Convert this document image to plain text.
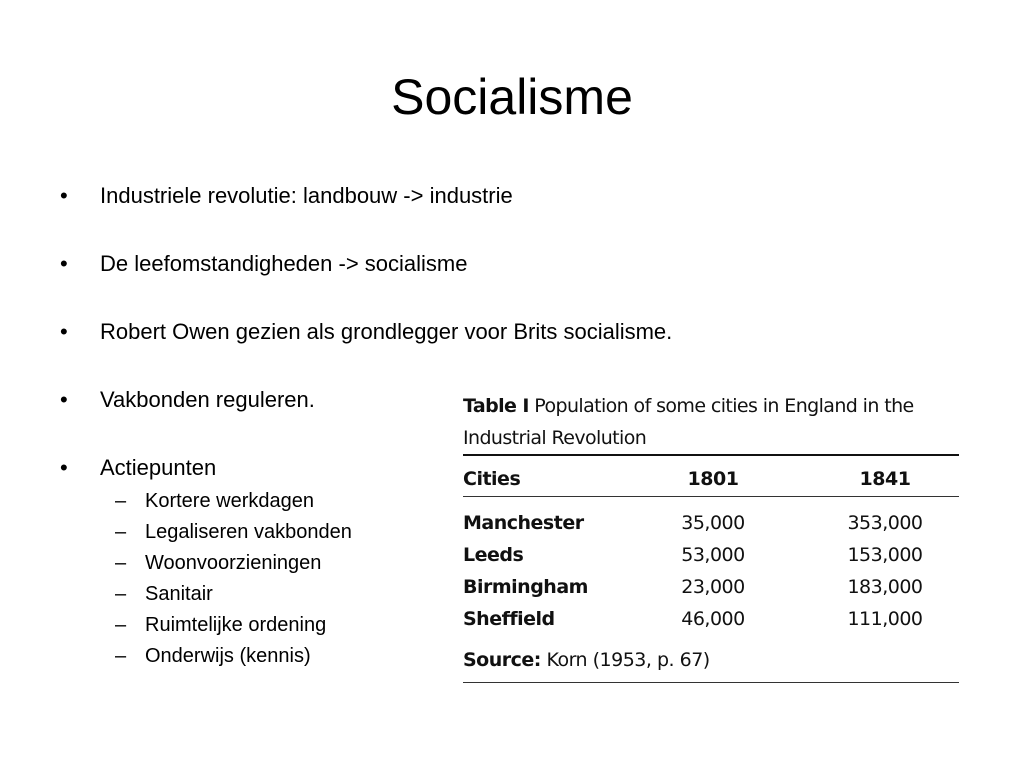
Socialisme
•	Industriele revolutie: landbouw -> industrie
•	De leefomstandigheden -> socialisme
•	Robert Owen gezien als grondlegger voor Brits socialisme.
•	Vakbonden reguleren.
•	Actiepunten
– Kortere werkdagen
– Legaliseren vakbonden
– Woonvoorzieningen
– Sanitair
– Ruimtelijke ordening
– Onderwijs (kennis)
Table I Population of some cities in England in the
Industrial Revolution
Cities	1801	1841
Manchester	35,000	353,000
Leeds	53,000	153,000
Birmingham	23,000	183,000
Sheffield	46,000	111,000
Source: Korn (1953, p. 67)
